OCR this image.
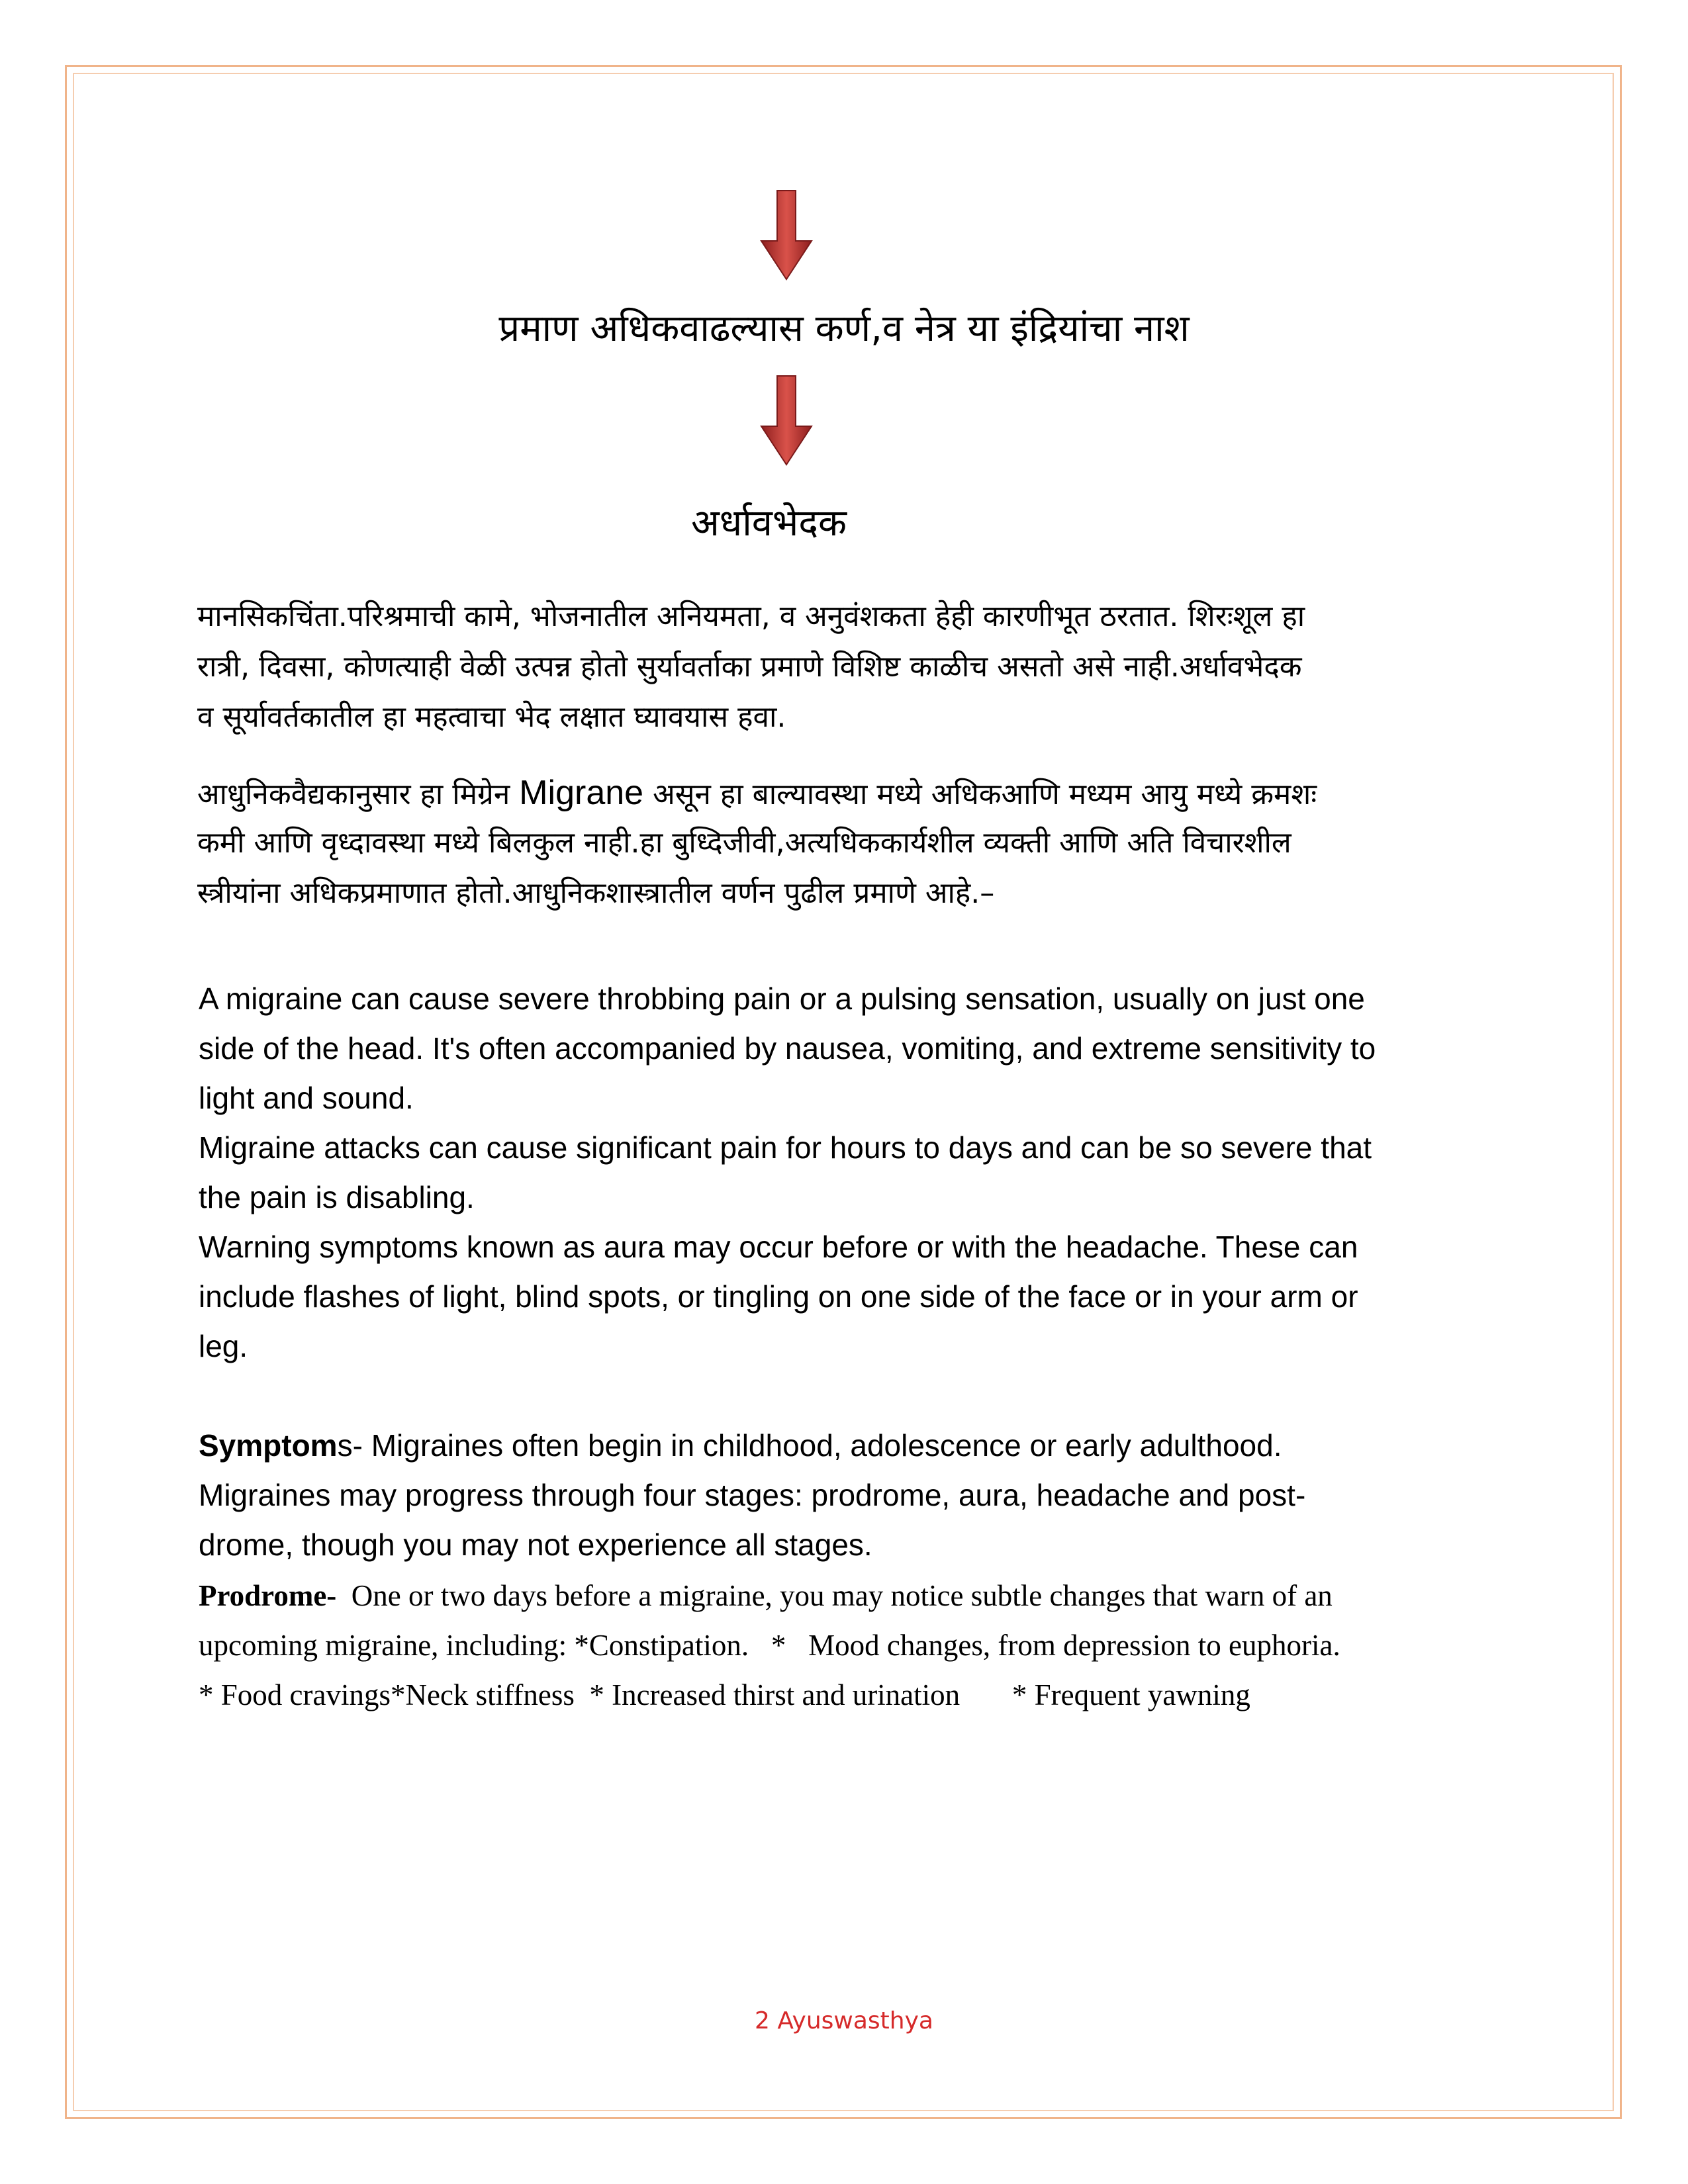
प्रमाण अधिकवाढल्यास कर्ण,व नेत्र या इंद्रियांचा नाश
अर्धावभेदक
मानसिकचिंता.परिश्रमाची कामे, भोजनातील अनियमता, व अनुवंशकता हेही कारणीभूत ठरतात. शिरःशूल हा
रात्री, दिवसा, कोणत्याही वेळी उत्पन्न होतो सुर्यावर्ताका प्रमाणे विशिष्ट काळीच असतो असे नाही.अर्धावभेदक
व सूर्यावर्तकातील हा महत्वाचा भेद लक्षात घ्यावयास हवा.
आधुनिकवैद्यकानुसार हा मिग्रेन Migrane असून हा बाल्यावस्था मध्ये अधिकआणि मध्यम आयु मध्ये क्रमशः
कमी आणि वृध्दावस्था मध्ये बिलकुल नाही.हा बुध्दिजीवी,अत्यधिककार्यशील व्यक्ती आणि अति विचारशील
स्त्रीयांना अधिकप्रमाणात होतो.आधुनिकशास्त्रातील वर्णन पुढील प्रमाणे आहे.–
A migraine can cause severe throbbing pain or a pulsing sensation, usually on just one
side of the head. It's often accompanied by nausea, vomiting, and extreme sensitivity to
light and sound.
Migraine attacks can cause significant pain for hours to days and can be so severe that
the pain is disabling.
Warning symptoms known as aura may occur before or with the headache. These can
include flashes of light, blind spots, or tingling on one side of the face or in your arm or
leg.
Symptoms- Migraines often begin in childhood, adolescence or early adulthood.
Migraines may progress through four stages: prodrome, aura, headache and post-
drome, though you may not experience all stages.
Prodrome-  One or two days before a migraine, you may notice subtle changes that warn of an
upcoming migraine, including: *Constipation.   *   Mood changes, from depression to euphoria.
* Food cravings*Neck stiffness  * Increased thirst and urination       * Frequent yawning
2 Ayuswasthya
